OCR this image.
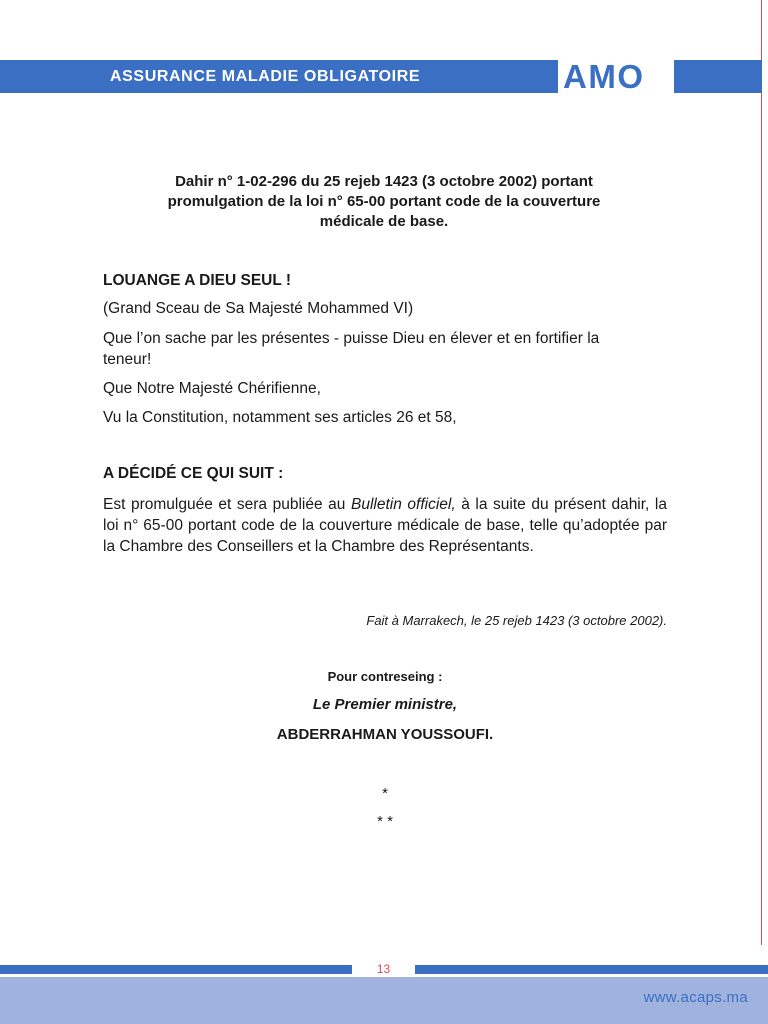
ASSURANCE MALADIE OBLIGATOIRE	AMO
Dahir n° 1-02-296 du 25 rejeb 1423 (3 octobre 2002) portant
promulgation de la loi n° 65-00 portant code de la couverture
médicale de base.
LOUANGE A DIEU SEUL !
(Grand Sceau de Sa Majesté Mohammed VI)
Que l’on sache par les présentes - puisse Dieu en élever et en fortifier la
teneur!
Que Notre Majesté Chérifienne,
Vu la Constitution, notamment ses articles 26 et 58,
A DÉCIDÉ CE QUI SUIT :
Est promulguée et sera publiée au Bulletin officiel, à la suite du présent dahir, la loi n° 65-00 portant code de la couverture médicale de base, telle qu’adoptée par la Chambre des Conseillers et la Chambre des Représentants.
Fait à Marrakech, le 25 rejeb 1423 (3 octobre 2002).
Pour contreseing :
Le Premier ministre,
ABDERRAHMAN YOUSSOUFI.
*
* *
13
www.acaps.ma
